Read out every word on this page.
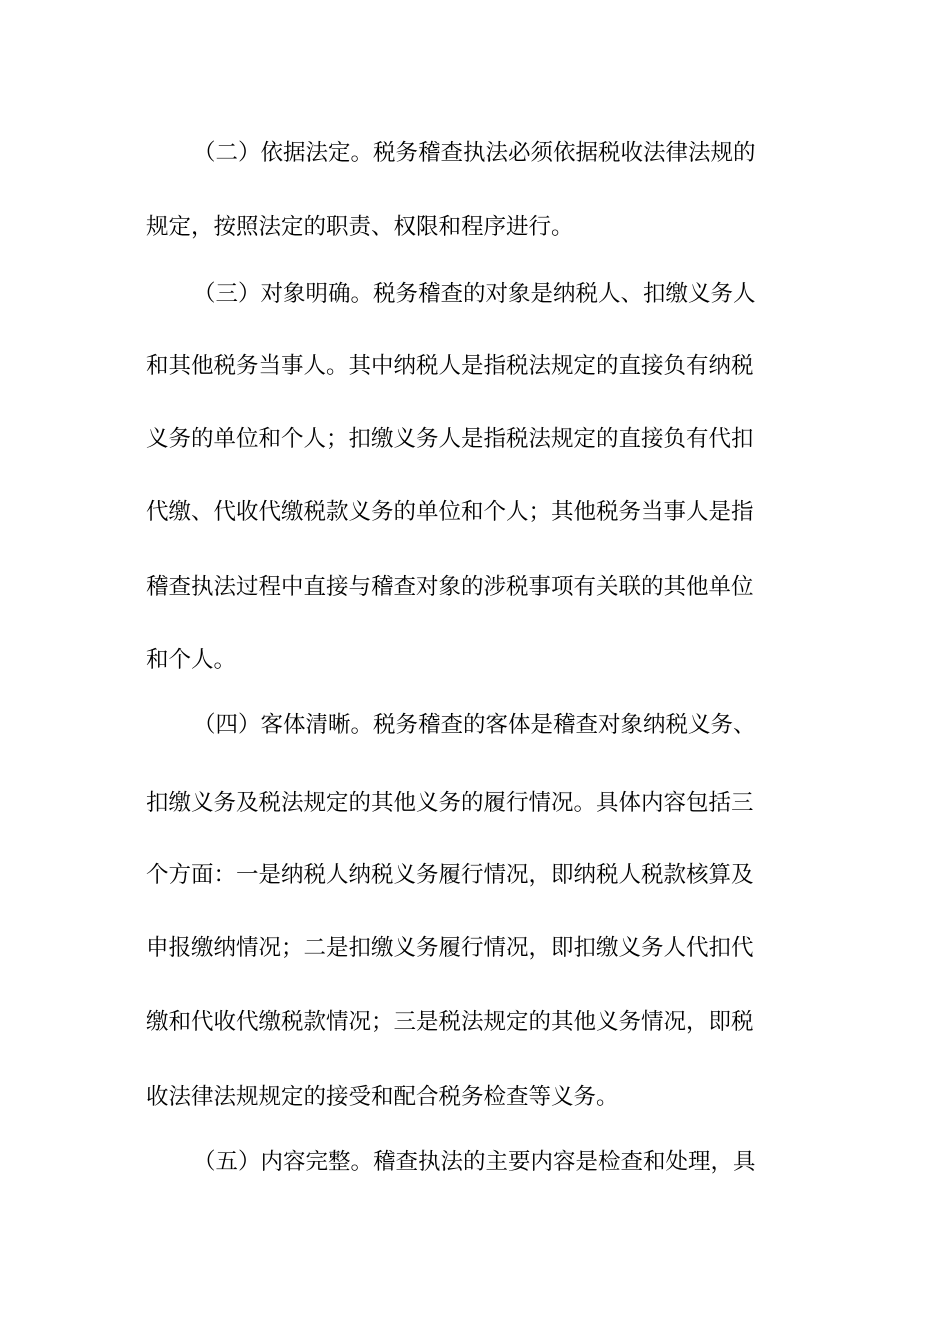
（二）依据法定。税务稽查执法必须依据税收法律法规的
规定，按照法定的职责、权限和程序进行。
（三）对象明确。税务稽查的对象是纳税人、扣缴义务人
和其他税务当事人。其中纳税人是指税法规定的直接负有纳税
义务的单位和个人；扣缴义务人是指税法规定的直接负有代扣
代缴、代收代缴税款义务的单位和个人；其他税务当事人是指
稽查执法过程中直接与稽查对象的涉税事项有关联的其他单位
和个人。
（四）客体清晰。税务稽查的客体是稽查对象纳税义务、
扣缴义务及税法规定的其他义务的履行情况。具体内容包括三
个方面：一是纳税人纳税义务履行情况，即纳税人税款核算及
申报缴纳情况；二是扣缴义务履行情况，即扣缴义务人代扣代
缴和代收代缴税款情况；三是税法规定的其他义务情况，即税
收法律法规规定的接受和配合税务检查等义务。
（五）内容完整。稽查执法的主要内容是检查和处理，具
